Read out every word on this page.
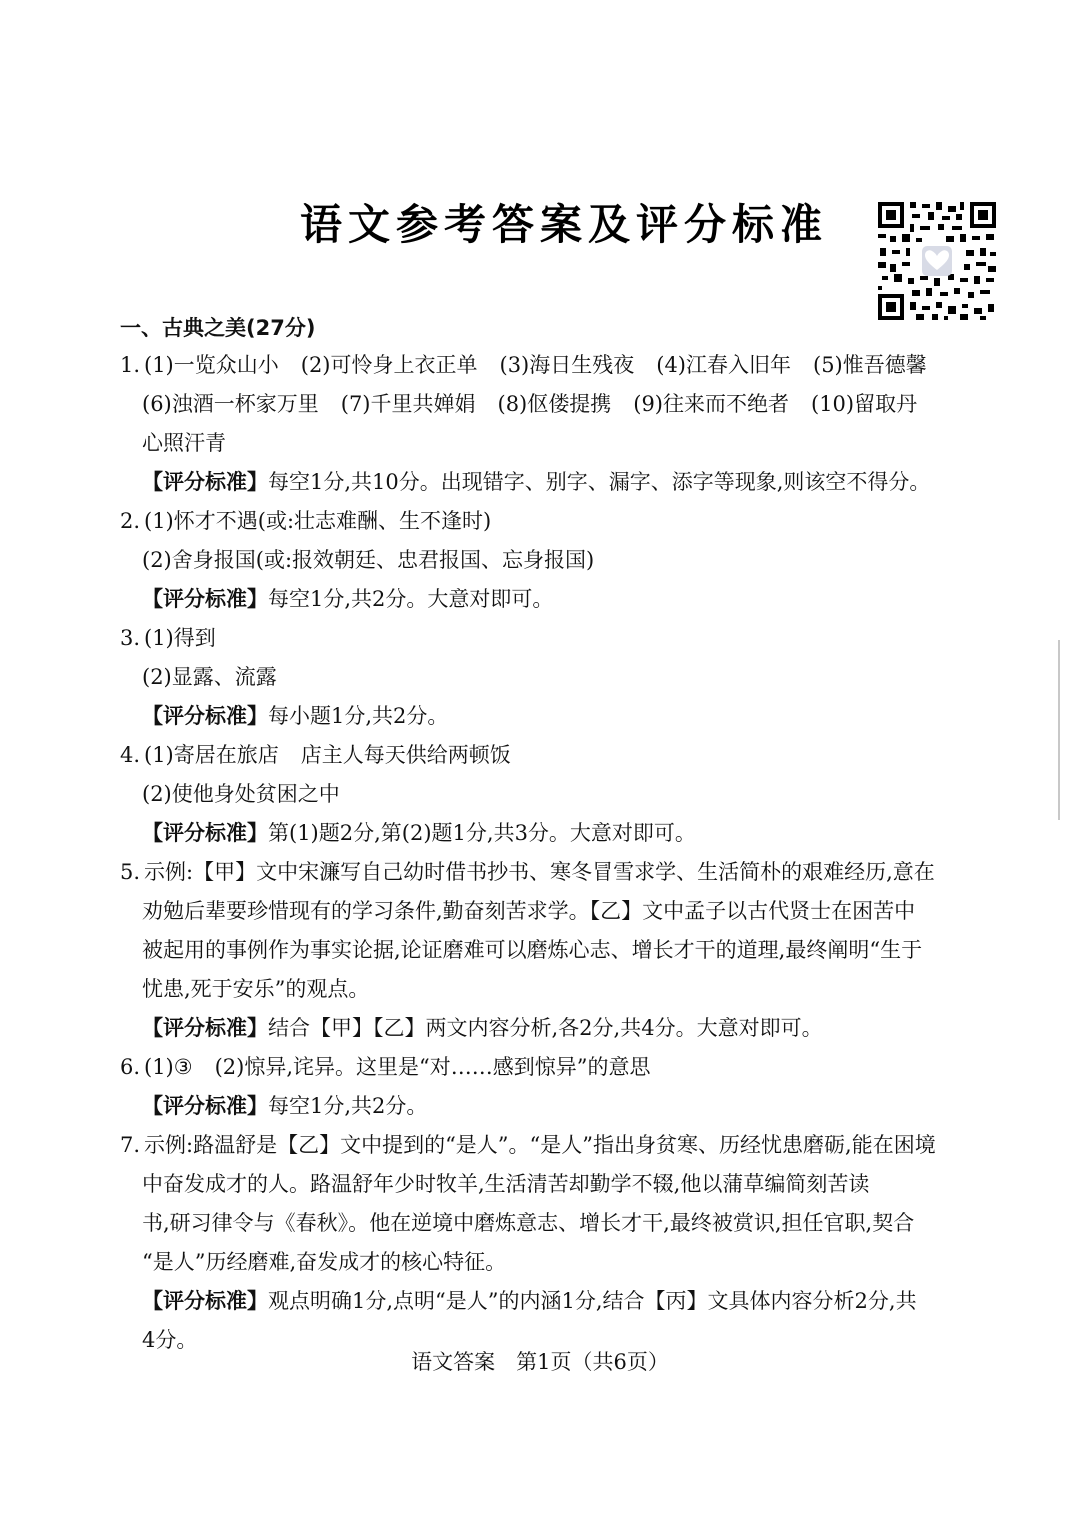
语文参考答案及评分标准
一、古典之美(27分)
1. (1)一览众山小 (2)可怜身上衣正单 (3)海日生残夜 (4)江春入旧年 (5)惟吾德馨
(6)浊酒一杯家万里 (7)千里共婵娟 (8)伛偻提携 (9)往来而不绝者 (10)留取丹
心照汗青
【评分标准】每空1分,共10分。出现错字、别字、漏字、添字等现象,则该空不得分。
2. (1)怀才不遇(或:壮志难酬、生不逢时)
(2)舍身报国(或:报效朝廷、忠君报国、忘身报国)
【评分标准】每空1分,共2分。大意对即可。
3. (1)得到
(2)显露、流露
【评分标准】每小题1分,共2分。
4. (1)寄居在旅店 店主人每天供给两顿饭
(2)使他身处贫困之中
【评分标准】第(1)题2分,第(2)题1分,共3分。大意对即可。
5. 示例:【甲】文中宋濂写自己幼时借书抄书、寒冬冒雪求学、生活简朴的艰难经历,意在
劝勉后辈要珍惜现有的学习条件,勤奋刻苦求学。【乙】文中孟子以古代贤士在困苦中
被起用的事例作为事实论据,论证磨难可以磨炼心志、增长才干的道理,最终阐明“生于
忧患,死于安乐”的观点。
【评分标准】结合【甲】【乙】两文内容分析,各2分,共4分。大意对即可。
6. (1)③ (2)惊异,诧异。这里是“对……感到惊异”的意思
【评分标准】每空1分,共2分。
7. 示例:路温舒是【乙】文中提到的“是人”。“是人”指出身贫寒、历经忧患磨砺,能在困境
中奋发成才的人。路温舒年少时牧羊,生活清苦却勤学不辍,他以蒲草编简刻苦读
书,研习律令与《春秋》。他在逆境中磨炼意志、增长才干,最终被赏识,担任官职,契合
“是人”历经磨难,奋发成才的核心特征。
【评分标准】观点明确1分,点明“是人”的内涵1分,结合【丙】文具体内容分析2分,共
4分。
语文答案　第1页（共6页）
